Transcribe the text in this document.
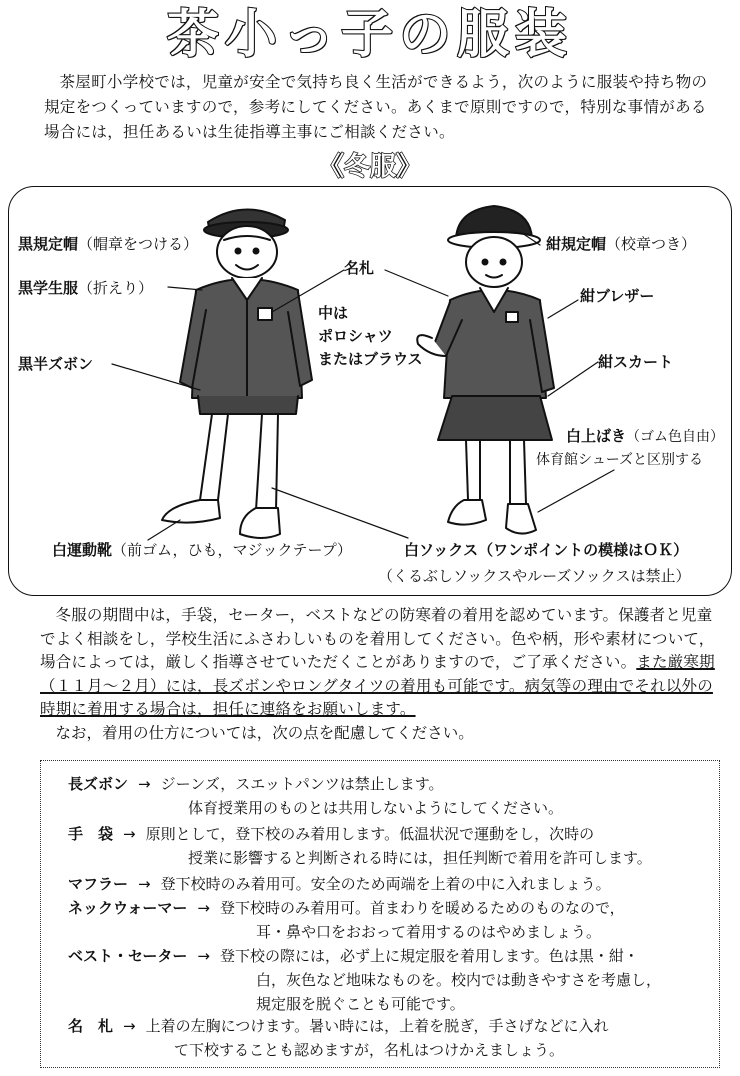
茶小っ子の服装
茶屋町小学校では，児童が安全で気持ち良く生活ができるよう，次のように服装や持ち物の規定をつくっていますので，参考にしてください。あくまで原則ですので，特別な事情がある場合には，担任あるいは生徒指導主事にご相談ください。
《冬服》
黒規定帽（帽章をつける）
黒学生服（折えり）
黒半ズボン
名札
中は
ポロシャツ
またはブラウス
紺規定帽（校章つき）
紺ブレザー
紺スカート
白上ばき（ゴム色自由）
体育館シューズと区別する
白運動靴（前ゴム，ひも，マジックテープ）	白ソックス（ワンポイントの模様はＯＫ）
（くるぶしソックスやルーズソックスは禁止）
冬服の期間中は，手袋，セーター，ベストなどの防寒着の着用を認めています。保護者と児童でよく相談をし，学校生活にふさわしいものを着用してください。色や柄，形や素材について，場合によっては，厳しく指導させていただくことがありますので，ご了承ください。また厳寒期（１１月～２月）には，長ズボンやロングタイツの着用も可能です。病気等の理由でそれ以外の時期に着用する場合は，担任に連絡をお願いします。
なお，着用の仕方については，次の点を配慮してください。
長ズボン → ジーンズ，スエットパンツは禁止します。
体育授業用のものとは共用しないようにしてください。
手　袋 → 原則として，登下校のみ着用します。低温状況で運動をし，次時の
授業に影響すると判断される時には，担任判断で着用を許可します。
マフラー → 登下校時のみ着用可。安全のため両端を上着の中に入れましょう。
ネックウォーマー → 登下校時のみ着用可。首まわりを暖めるためのものなので，
耳・鼻や口をおおって着用するのはやめましょう。
ベスト・セーター → 登下校の際には，必ず上に規定服を着用します。色は黒・紺・
白，灰色など地味なものを。校内では動きやすさを考慮し，
規定服を脱ぐことも可能です。
名　札 → 上着の左胸につけます。暑い時には，上着を脱ぎ，手さげなどに入れ
て下校することも認めますが，名札はつけかえましょう。
